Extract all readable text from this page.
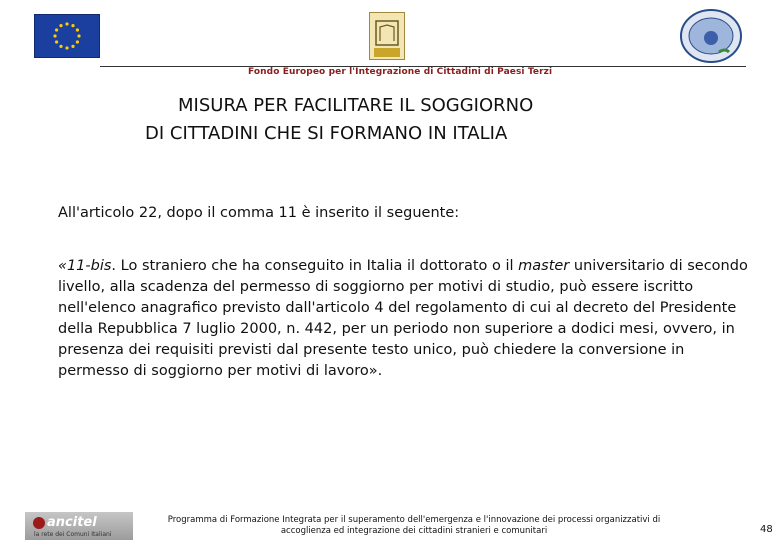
Fondo Europeo per l'Integrazione di Cittadini di Paesi Terzi
MISURA PER FACILITARE IL SOGGIORNO
DI CITTADINI CHE SI FORMANO IN ITALIA
All'articolo 22, dopo il comma 11 è inserito il seguente:
«11-bis. Lo straniero che ha conseguito in Italia il dottorato o il master universitario di secondo livello, alla scadenza del permesso di soggiorno per motivi di studio, può essere iscritto nell'elenco anagrafico previsto dall'articolo 4 del regolamento di cui al decreto del Presidente della Repubblica 7 luglio 2000, n. 442, per un periodo non superiore a dodici mesi, ovvero, in presenza dei requisiti previsti dal presente testo unico, può chiedere la conversione in permesso di soggiorno per motivi di lavoro».
ancitel
la rete dei Comuni Italiani
Programma di Formazione Integrata per il superamento dell'emergenza e l'innovazione dei processi organizzativi di
accoglienza ed integrazione dei cittadini stranieri e comunitari	48
